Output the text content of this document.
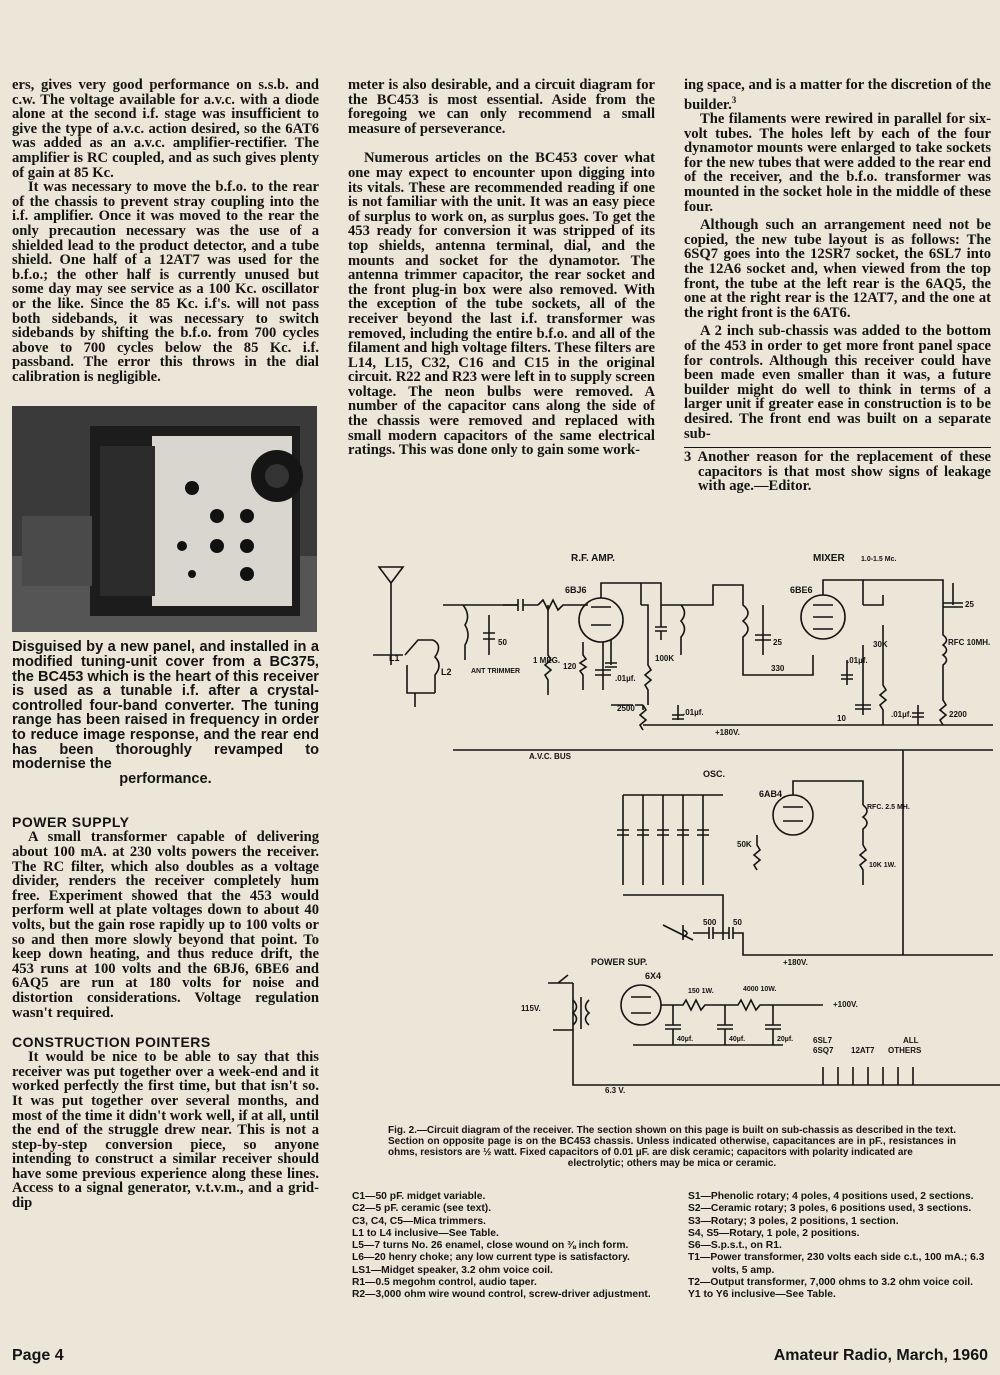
ers, gives very good performance on s.s.b. and c.w. The voltage available for a.v.c. with a diode alone at the second i.f. stage was insufficient to give the type of a.v.c. action desired, so the 6AT6 was added as an a.v.c. amplifier-rectifier. The amplifier is RC coupled, and as such gives plenty of gain at 85 Kc.

It was necessary to move the b.f.o. to the rear of the chassis to prevent stray coupling into the i.f. amplifier. Once it was moved to the rear the only precaution necessary was the use of a shielded lead to the product detector, and a tube shield. One half of a 12AT7 was used for the b.f.o.; the other half is currently unused but some day may see service as a 100 Kc. oscillator or the like. Since the 85 Kc. i.f's. will not pass both sidebands, it was necessary to switch sidebands by shifting the b.f.o. from 700 cycles above to 700 cycles below the 85 Kc. i.f. passband. The error this throws in the dial calibration is negligible.

Disguised by a new panel, and installed in a modified tuning-unit cover from a BC375, the BC453 which is the heart of this receiver is used as a tunable i.f. after a crystal-controlled four-band converter. The tuning range has been raised in frequency in order to reduce image response, and the rear end has been thoroughly revamped to modernise the
performance.

POWER SUPPLY

A small transformer capable of delivering about 100 mA. at 230 volts powers the receiver. The RC filter, which also doubles as a voltage divider, renders the receiver completely hum free. Experiment showed that the 453 would perform well at plate voltages down to about 40 volts, but the gain rose rapidly up to 100 volts or so and then more slowly beyond that point. To keep down heating, and thus reduce drift, the 453 runs at 100 volts and the 6BJ6, 6BE6 and 6AQ5 are run at 180 volts for noise and distortion considerations. Voltage regulation wasn't required.

CONSTRUCTION POINTERS

It would be nice to be able to say that this receiver was put together over a week-end and it worked perfectly the first time, but that isn't so. It was put together over several months, and most of the time it didn't work well, if at all, until the end of the struggle drew near. This is not a step-by-step conversion piece, so anyone intending to construct a similar receiver should have some previous experience along these lines. Access to a signal generator, v.t.v.m., and a grid-dip

meter is also desirable, and a circuit diagram for the BC453 is most essential. Aside from the foregoing we can only recommend a small measure of perseverance.

Numerous articles on the BC453 cover what one may expect to encounter upon digging into its vitals. These are recommended reading if one is not familiar with the unit. It was an easy piece of surplus to work on, as surplus goes. To get the 453 ready for conversion it was stripped of its top shields, antenna terminal, dial, and the mounts and socket for the dynamotor. The antenna trimmer capacitor, the rear socket and the front plug-in box were also removed. With the exception of the tube sockets, all of the receiver beyond the last i.f. transformer was removed, including the entire b.f.o. and all of the filament and high voltage filters. These filters are L14, L15, C32, C16 and C15 in the original circuit. R22 and R23 were left in to supply screen voltage. The neon bulbs were removed. A number of the capacitor cans along the side of the chassis were removed and replaced with small modern capacitors of the same electrical ratings. This was done only to gain some work-

ing space, and is a matter for the discretion of the builder.$^3$

The filaments were rewired in parallel for six-volt tubes. The holes left by each of the four dynamotor mounts were enlarged to take sockets for the new tubes that were added to the rear end of the receiver, and the b.f.o. transformer was mounted in the socket hole in the middle of these four.

Although such an arrangement need not be copied, the new tube layout is as follows: The 6SQ7 goes into the 12SR7 socket, the 6SL7 into the 12A6 socket and, when viewed from the top front, the tube at the left rear is the 6AQ5, the one at the right rear is the 12AT7, and the one at the right front is the 6AT6.

A 2 inch sub-chassis was added to the bottom of the 453 in order to get more front panel space for controls. Although this receiver could have been made even smaller than it was, a future builder might do well to think in terms of a larger unit if greater ease in construction is to be desired. The front end was built on a separate sub-

3 Another reason for the replacement of these capacitors is that most show signs of leakage with age.—Editor.

R.F. AMP.	MIXER 1.0-1.5 Mc.
L1
L2	ANT TRIMMER
50
1 MEG.
6BJ6
120
100K
.01µf.
2500	.01µf.
+180V.
A.V.C. BUS
25
330
6BE6
25
RFC 10MH.
30K
.01µf.	2200
10
.01µf.
OSC.
6AB4
RFC. 2.5 MH.
10K 1W.
50K
500 50
+180V.
POWER SUP.
115V.
6.3 V.
6X4
150 1W.	4000 10W.
+100V.
40µf.	40µf.	20µf. 6SL7
6SQ7 12AT7
ALL
OTHERS
Fig. 2.—Circuit diagram of the receiver. The section shown on this page is built on sub-chassis as described in the text. Section on opposite page is on the BC453 chassis. Unless indicated otherwise, capacitances are in pF., resistances in ohms, resistors are ½ watt. Fixed capacitors of 0.01 µF. are disk ceramic; capacitors with polarity indicated are
electrolytic; others may be mica or ceramic.
C1—50 pF. midget variable.
C2—5 pF. ceramic (see text).
C3, C4, C5—Mica trimmers.
L1 to L4 inclusive—See Table.
L5—7 turns No. 26 enamel, close wound on ⅜ inch form.
L6—20 henry choke; any low current type is satisfactory.
LS1—Midget speaker, 3.2 ohm voice coil.
R1—0.5 megohm control, audio taper.
R2—3,000 ohm wire wound control, screw-driver adjustment.
S1—Phenolic rotary; 4 poles, 4 positions used, 2 sections.
S2—Ceramic rotary; 3 poles, 6 positions used, 3 sections.
S3—Rotary; 3 poles, 2 positions, 1 section.
S4, S5—Rotary, 1 pole, 2 positions.
S6—S.p.s.t., on R1.
T1—Power transformer, 230 volts each side c.t., 100 mA.; 6.3 volts, 5 amp.
T2—Output transformer, 7,000 ohms to 3.2 ohm voice coil.
Y1 to Y6 inclusive—See Table.
Page 4	Amateur Radio, March, 1960
